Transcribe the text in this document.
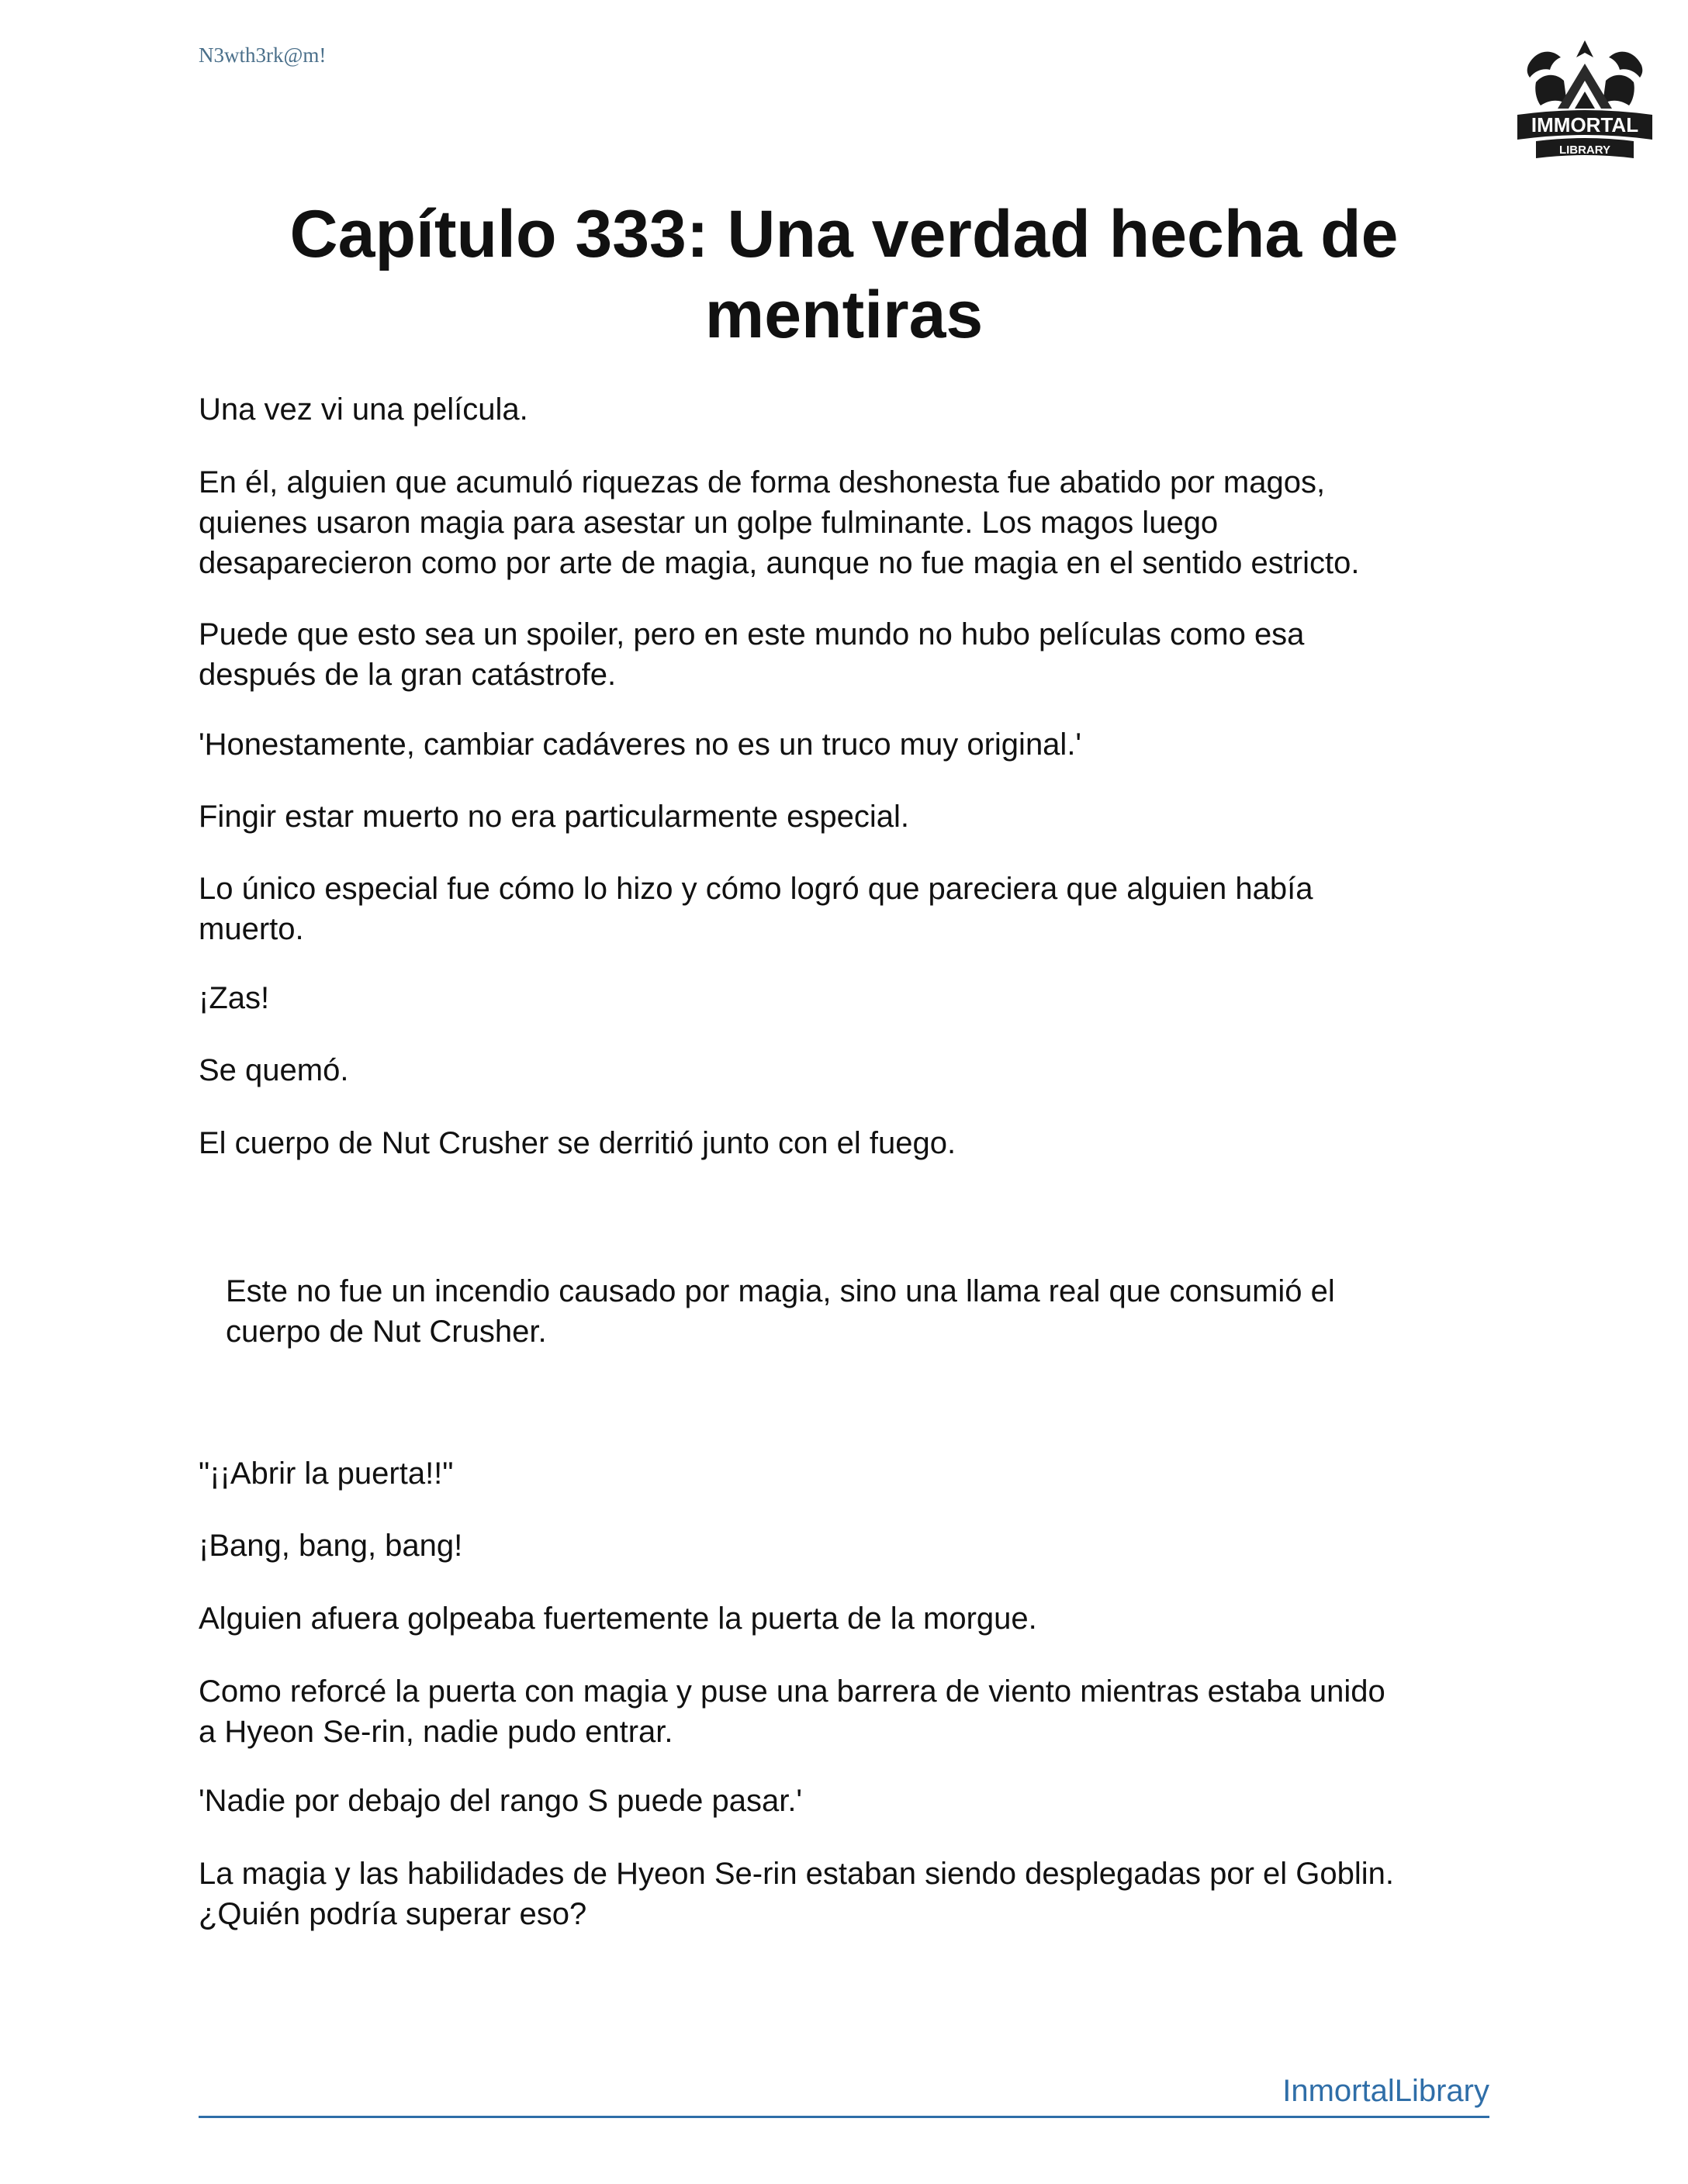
N3wth3rk@m!
IMMORTAL
LIBRARY
Capítulo 333: Una verdad hecha de
mentiras

Una vez vi una película.

En él, alguien que acumuló riquezas de forma deshonesta fue abatido por magos,
quienes usaron magia para asestar un golpe fulminante. Los magos luego
desaparecieron como por arte de magia, aunque no fue magia en el sentido estricto.

Puede que esto sea un spoiler, pero en este mundo no hubo películas como esa
después de la gran catástrofe.

'Honestamente, cambiar cadáveres no es un truco muy original.'

Fingir estar muerto no era particularmente especial.

Lo único especial fue cómo lo hizo y cómo logró que pareciera que alguien había
muerto.

¡Zas!

Se quemó.

El cuerpo de Nut Crusher se derritió junto con el fuego.

Este no fue un incendio causado por magia, sino una llama real que consumió el
cuerpo de Nut Crusher.

"¡¡Abrir la puerta!!"

¡Bang, bang, bang!

Alguien afuera golpeaba fuertemente la puerta de la morgue.

Como reforcé la puerta con magia y puse una barrera de viento mientras estaba unido
a Hyeon Se-rin, nadie pudo entrar.

'Nadie por debajo del rango S puede pasar.'

La magia y las habilidades de Hyeon Se-rin estaban siendo desplegadas por el Goblin.
¿Quién podría superar eso?

InmortalLibrary
